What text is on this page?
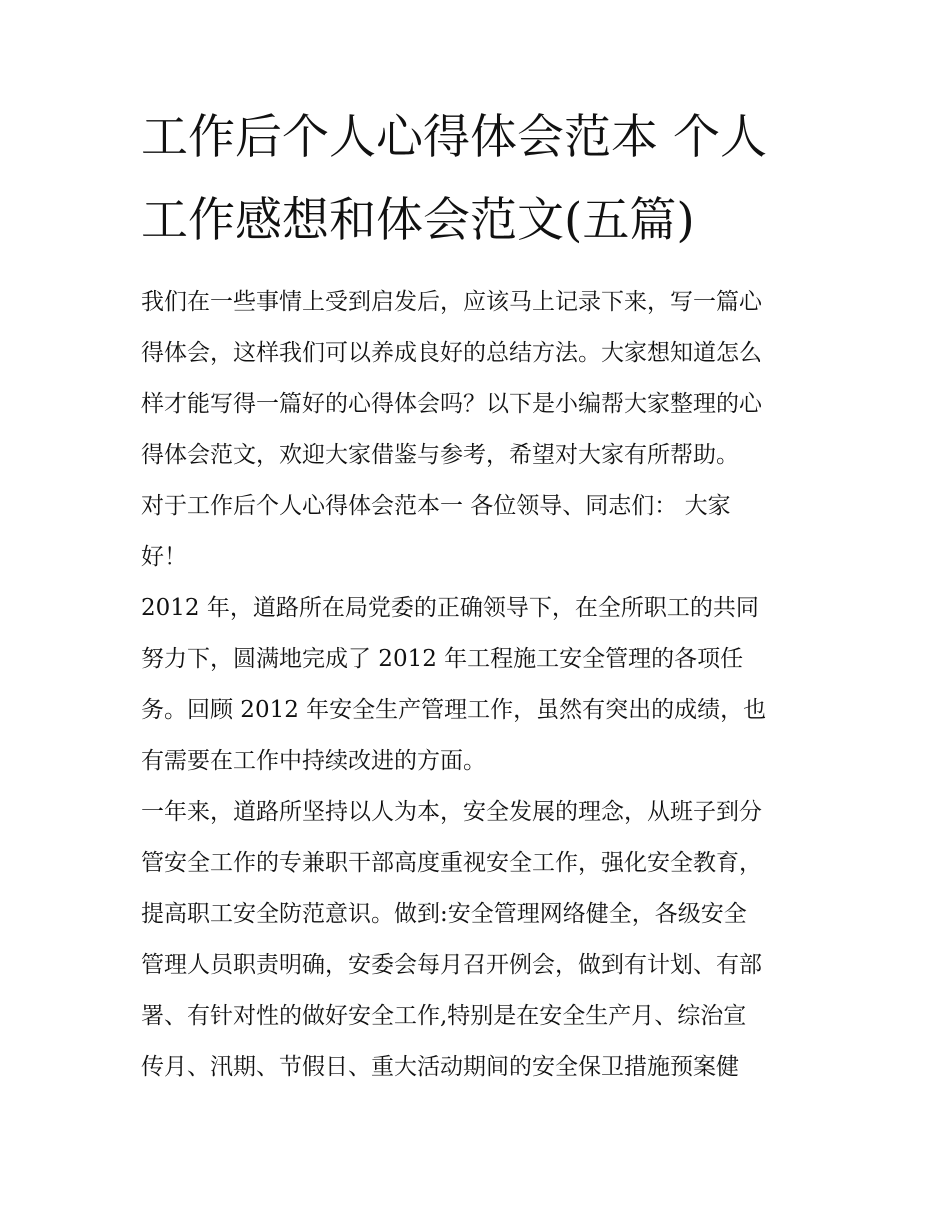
工作后个人心得体会范本 个人
工作感想和体会范文(五篇)
我们在一些事情上受到启发后，应该马上记录下来，写一篇心
得体会，这样我们可以养成良好的总结方法。大家想知道怎么
样才能写得一篇好的心得体会吗？以下是小编帮大家整理的心
得体会范文，欢迎大家借鉴与参考，希望对大家有所帮助。
对于工作后个人心得体会范本一 各位领导、同志们： 大家
好！
2012 年，道路所在局党委的正确领导下，在全所职工的共同
努力下，圆满地完成了 2012 年工程施工安全管理的各项任
务。回顾 2012 年安全生产管理工作，虽然有突出的成绩，也
有需要在工作中持续改进的方面。
一年来，道路所坚持以人为本，安全发展的理念，从班子到分
管安全工作的专兼职干部高度重视安全工作，强化安全教育，
提高职工安全防范意识。做到:安全管理网络健全，各级安全
管理人员职责明确，安委会每月召开例会，做到有计划、有部
署、有针对性的做好安全工作,特别是在安全生产月、综治宣
传月、汛期、节假日、重大活动期间的安全保卫措施预案健
